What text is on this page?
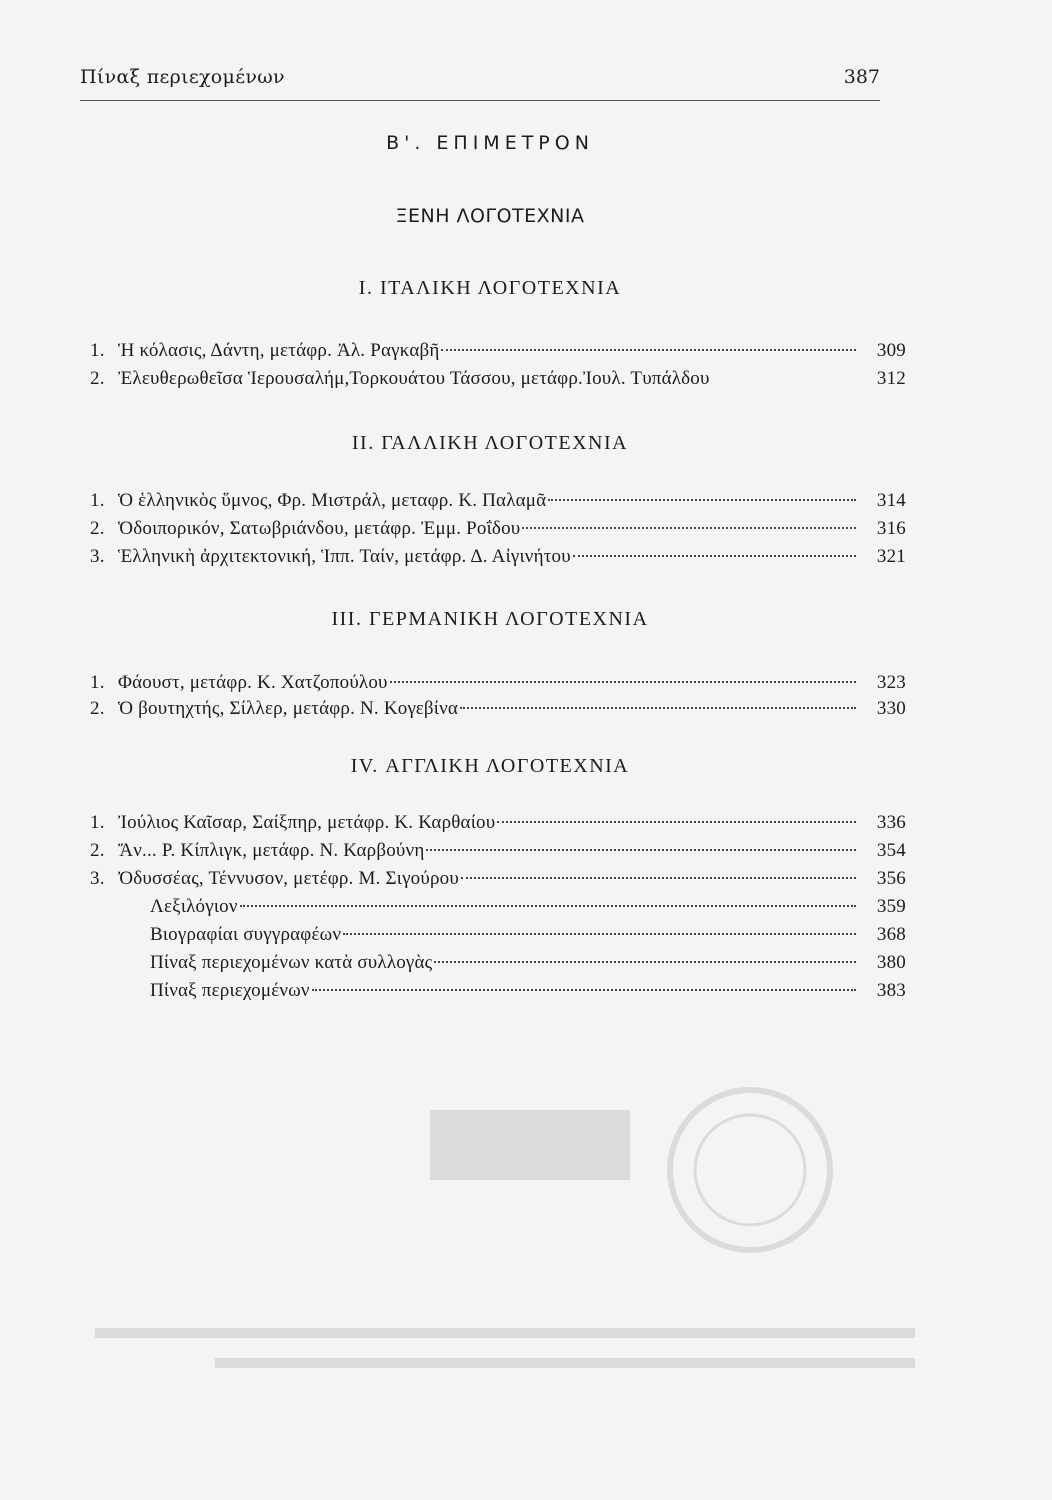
Πίναξ περιεχομένων	387
Β'. ΕΠΙΜΕΤΡΟΝ
ΞΕΝΗ ΛΟΓΟΤΕΧΝΙΑ
Ι. ΙΤΑΛΙΚΗ ΛΟΓΟΤΕΧΝΙΑ
1. Ἡ κόλασις, Δάντη, μετάφρ. Ἀλ. Ραγκαβῆ	309
2. Ἐλευθερωθεῖσα Ἱερουσαλήμ,Τορκουάτου Τάσσου, μετάφρ.Ἰουλ. Τυπάλδου	312
II. ΓΑΛΛΙΚΗ ΛΟΓΟΤΕΧΝΙΑ
1. Ὁ ἑλληνικὸς ὕμνος, Φρ. Μιστράλ, μεταφρ. Κ. Παλαμᾶ	314
2. Ὁδοιπορικόν, Σατωβριάνδου, μετάφρ. Ἐμμ. Ροΐδου	316
3. Ἑλληνικὴ ἀρχιτεκτονική, Ἱππ. Ταίν, μετάφρ. Δ. Αἰγινήτου	321
III. ΓΕΡΜΑΝΙΚΗ ΛΟΓΟΤΕΧΝΙΑ
1. Φάουστ, μετάφρ. Κ. Χατζοπούλου	323
2. Ὁ βουτηχτής, Σίλλερ, μετάφρ. Ν. Κογεβίνα	330
IV. ΑΓΓΛΙΚΗ ΛΟΓΟΤΕΧΝΙΑ
1. Ἰούλιος Καῖσαρ, Σαίξπηρ, μετάφρ. Κ. Καρθαίου	336
2. Ἄν... Ρ. Κίπλιγκ, μετάφρ. Ν. Καρβούνη	354
3. Ὀδυσσέας, Τέννυσον, μετέφρ. Μ. Σιγούρου	356
Λεξιλόγιον	359
Βιογραφίαι συγγραφέων	368
Πίναξ περιεχομένων κατὰ συλλογὰς	380
Πίναξ περιεχομένων	383
